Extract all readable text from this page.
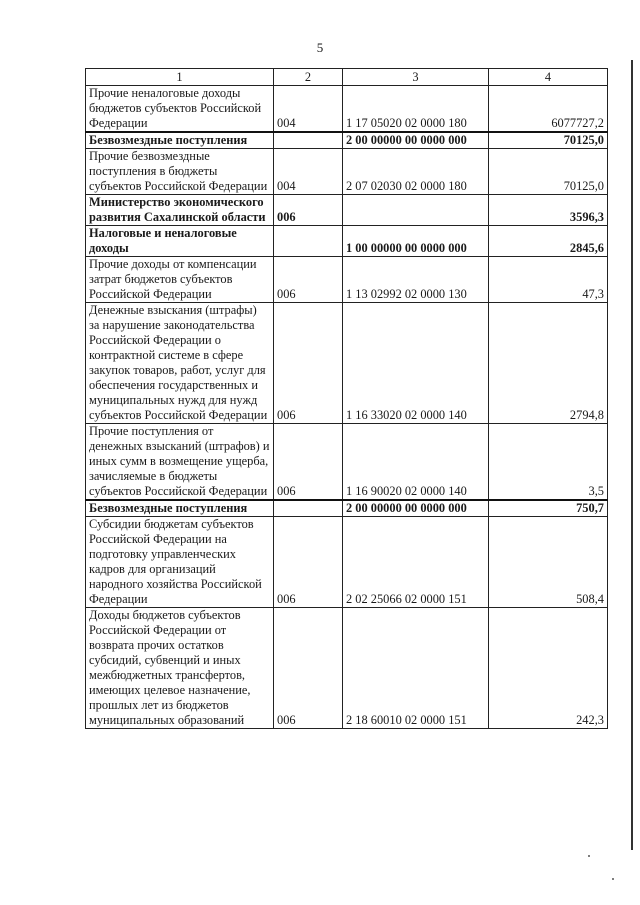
5
1	2	3	4
Прочие неналоговые доходы бюджетов субъектов Российской Федерации	004	1 17 05020 02 0000 180	6077727,2
Безвозмездные поступления		2 00 00000 00 0000 000	70125,0
Прочие безвозмездные поступления в бюджеты субъектов Российской Федерации	004	2 07 02030 02 0000 180	70125,0
Министерство экономического развития Сахалинской области	006		3596,3
Налоговые и неналоговые доходы		1 00 00000 00 0000 000	2845,6
Прочие доходы от компенсации затрат бюджетов субъектов Российской Федерации	006	1 13 02992 02 0000 130	47,3
Денежные взыскания (штрафы) за нарушение законодательства Российской Федерации о контрактной системе в сфере закупок товаров, работ, услуг для обеспечения государственных и муниципальных нужд для нужд субъектов Российской Федерации	006	1 16 33020 02 0000 140	2794,8
Прочие поступления от денежных взысканий (штрафов) и иных сумм в возмещение ущерба, зачисляемые в бюджеты субъектов Российской Федерации	006	1 16 90020 02 0000 140	3,5
Безвозмездные поступления		2 00 00000 00 0000 000	750,7
Субсидии бюджетам субъектов Российской Федерации на подготовку управленческих кадров для организаций народного хозяйства Российской Федерации	006	2 02 25066 02 0000 151	508,4
Доходы бюджетов субъектов Российской Федерации от возврата прочих остатков субсидий, субвенций и иных межбюджетных трансфертов, имеющих целевое назначение, прошлых лет из бюджетов муниципальных образований	006	2 18 60010 02 0000 151	242,3
